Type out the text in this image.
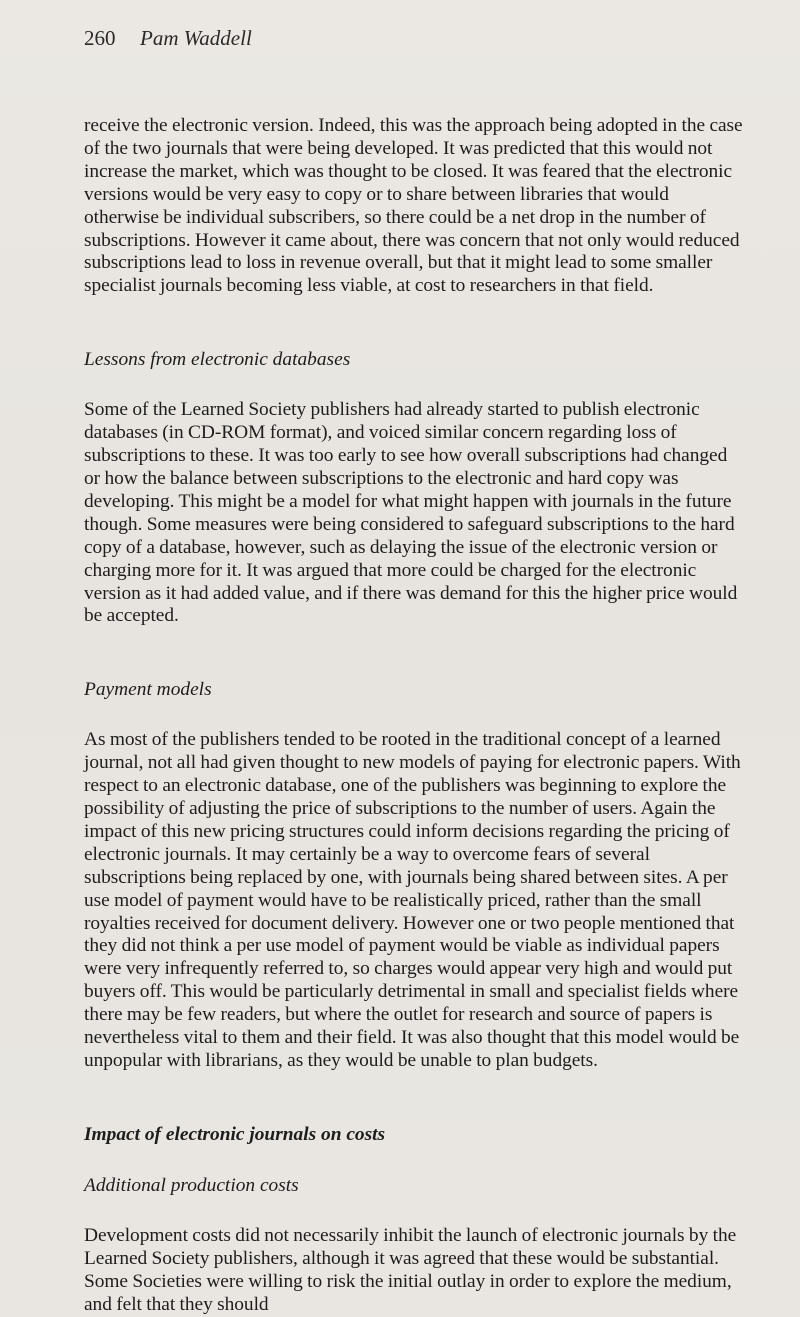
260 Pam Waddell

receive the electronic version. Indeed, this was the approach being adopted in the case of the two journals that were being developed. It was predicted that this would not increase the market, which was thought to be closed. It was feared that the electronic versions would be very easy to copy or to share between libraries that would otherwise be individual subscribers, so there could be a net drop in the number of subscriptions. However it came about, there was concern that not only would reduced subscriptions lead to loss in revenue overall, but that it might lead to some smaller specialist journals becoming less viable, at cost to researchers in that field.

Lessons from electronic databases

Some of the Learned Society publishers had already started to publish electronic databases (in CD-ROM format), and voiced similar concern regarding loss of subscriptions to these. It was too early to see how overall subscriptions had changed or how the balance between subscriptions to the electronic and hard copy was developing. This might be a model for what might happen with journals in the future though. Some measures were being considered to safeguard subscriptions to the hard copy of a database, however, such as delaying the issue of the electronic version or charging more for it. It was argued that more could be charged for the electronic version as it had added value, and if there was demand for this the higher price would be accepted.

Payment models

As most of the publishers tended to be rooted in the traditional concept of a learned journal, not all had given thought to new models of paying for electronic papers. With respect to an electronic database, one of the publishers was beginning to explore the possibility of adjusting the price of subscriptions to the number of users. Again the impact of this new pricing structures could inform decisions regarding the pricing of electronic journals. It may certainly be a way to overcome fears of several subscriptions being replaced by one, with journals being shared between sites. A per use model of payment would have to be realistically priced, rather than the small royalties received for document delivery. However one or two people mentioned that they did not think a per use model of payment would be viable as individual papers were very infrequently referred to, so charges would appear very high and would put buyers off. This would be particularly detrimental in small and specialist fields where there may be few readers, but where the outlet for research and source of papers is nevertheless vital to them and their field. It was also thought that this model would be unpopular with librarians, as they would be unable to plan budgets.

Impact of electronic journals on costs
Additional production costs

Development costs did not necessarily inhibit the launch of electronic journals by the Learned Society publishers, although it was agreed that these would be substantial. Some Societies were willing to risk the initial outlay in order to explore the medium, and felt that they should
